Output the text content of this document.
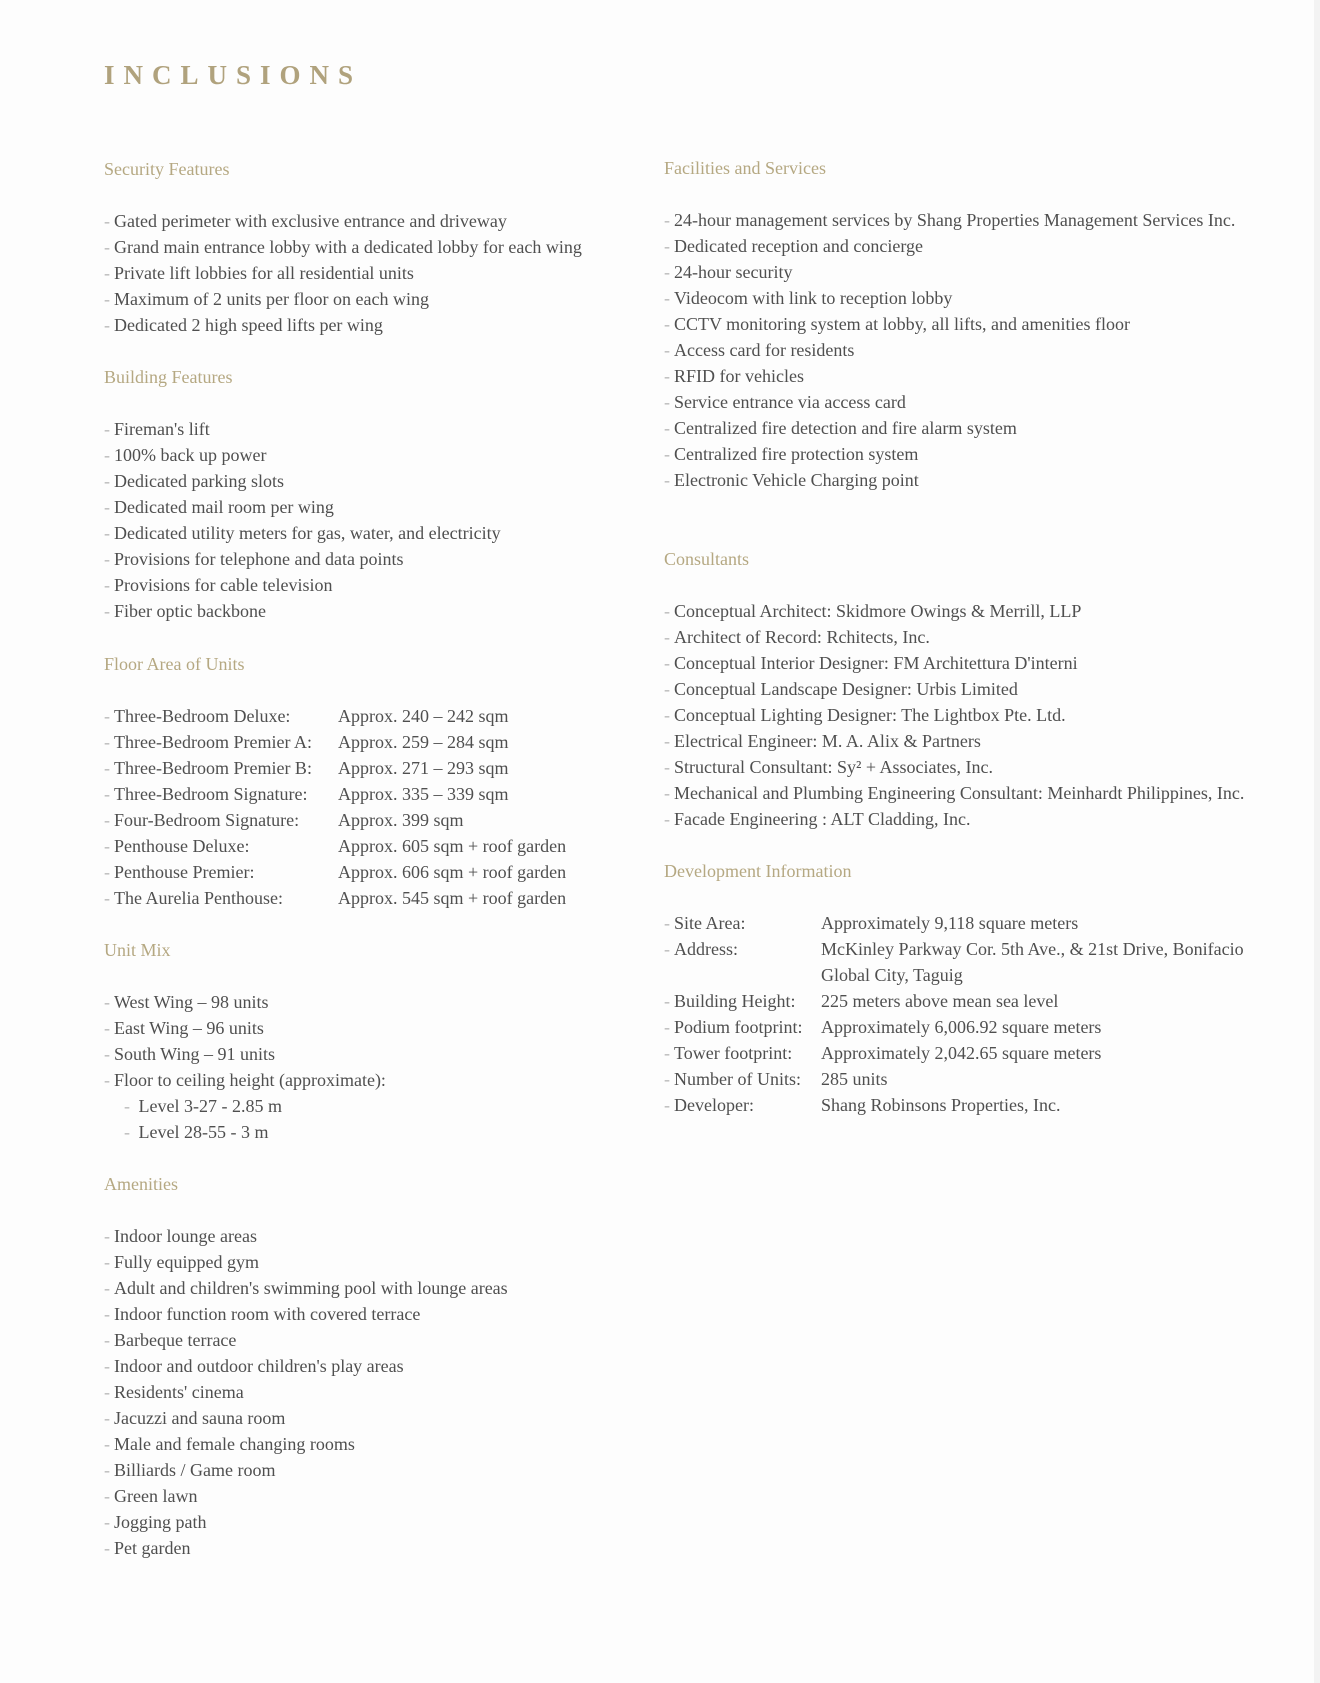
INCLUSIONS
Security Features
- Gated perimeter with exclusive entrance and driveway
- Grand main entrance lobby with a dedicated lobby for each wing
- Private lift lobbies for all residential units
- Maximum of 2 units per floor on each wing
- Dedicated 2 high speed lifts per wing
Building Features
- Fireman's lift
- 100% back up power
- Dedicated parking slots
- Dedicated mail room per wing
- Dedicated utility meters for gas, water, and electricity
- Provisions for telephone and data points
- Provisions for cable television
- Fiber optic backbone
Floor Area of Units
- Three-Bedroom Deluxe:	Approx. 240 – 242 sqm
- Three-Bedroom Premier A:	Approx. 259 – 284 sqm
- Three-Bedroom Premier B:	Approx. 271 – 293 sqm
- Three-Bedroom Signature:	Approx. 335 – 339 sqm
- Four-Bedroom Signature:	Approx. 399 sqm
- Penthouse Deluxe:	Approx. 605 sqm + roof garden
- Penthouse Premier:	Approx. 606 sqm + roof garden
- The Aurelia Penthouse:	Approx. 545 sqm + roof garden
Unit Mix
- West Wing – 98 units
- East Wing – 96 units
- South Wing – 91 units
- Floor to ceiling height (approximate):
- Level 3-27 - 2.85 m
- Level 28-55 - 3 m
Amenities
- Indoor lounge areas
- Fully equipped gym
- Adult and children's swimming pool with lounge areas
- Indoor function room with covered terrace
- Barbeque terrace
- Indoor and outdoor children's play areas
- Residents' cinema
- Jacuzzi and sauna room
- Male and female changing rooms
- Billiards / Game room
- Green lawn
- Jogging path
- Pet garden
Facilities and Services
- 24-hour management services by Shang Properties Management Services Inc.
- Dedicated reception and concierge
- 24-hour security
- Videocom with link to reception lobby
- CCTV monitoring system at lobby, all lifts, and amenities floor
- Access card for residents
- RFID for vehicles
- Service entrance via access card
- Centralized fire detection and fire alarm system
- Centralized fire protection system
- Electronic Vehicle Charging point
Consultants
- Conceptual Architect: Skidmore Owings & Merrill, LLP
- Architect of Record: Rchitects, Inc.
- Conceptual Interior Designer: FM Architettura D'interni
- Conceptual Landscape Designer: Urbis Limited
- Conceptual Lighting Designer: The Lightbox Pte. Ltd.
- Electrical Engineer: M. A. Alix & Partners
- Structural Consultant: Sy² + Associates, Inc.
- Mechanical and Plumbing Engineering Consultant: Meinhardt Philippines, Inc.
- Facade Engineering : ALT Cladding, Inc.
Development Information
- Site Area:	Approximately 9,118 square meters
- Address:	McKinley Parkway Cor. 5th Ave., & 21st Drive, Bonifacio Global City, Taguig
- Building Height:	225 meters above mean sea level
- Podium footprint:	Approximately 6,006.92 square meters
- Tower footprint:	Approximately 2,042.65 square meters
- Number of Units:	285 units
- Developer:	Shang Robinsons Properties, Inc.
